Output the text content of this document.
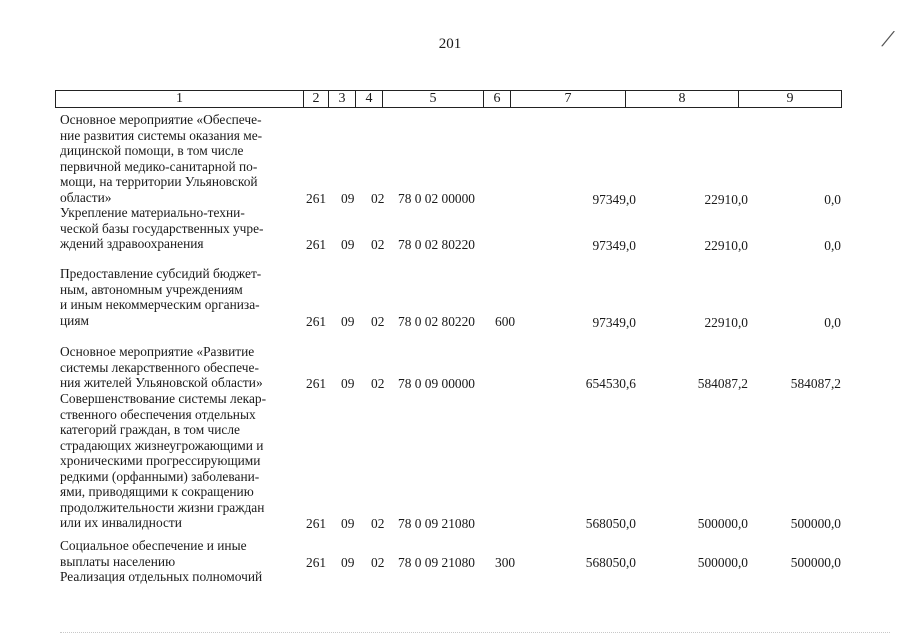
201	/
1	2	3	4	5	6	7	8	9
Основное мероприятие «Обеспече-
ние развития системы оказания ме-
дицинской помощи, в том числе
первичной медико-санитарной по-
мощи, на территории Ульяновской
области»	261 09 02 78 0 02 00000	97349,0	22910,0	0,0
Укрепление материально-техни-
ческой базы государственных учре-
ждений здравоохранения	261 09 02 78 0 02 80220	97349,0	22910,0	0,0
Предоставление субсидий бюджет-
ным, автономным учреждениям
и иным некоммерческим организа-
циям	261 09 02 78 0 02 80220 600	97349,0	22910,0	0,0
Основное мероприятие «Развитие
системы лекарственного обеспече-
ния жителей Ульяновской области»	261 09 02 78 0 09 00000	654530,6	584087,2	584087,2
Совершенствование системы лекар-
ственного обеспечения отдельных
категорий граждан, в том числе
страдающих жизнеугрожающими и
хроническими прогрессирующими
редкими (орфанными) заболевани-
ями, приводящими к сокращению
продолжительности жизни граждан
или их инвалидности	261 09 02 78 0 09 21080	568050,0	500000,0	500000,0
Социальное обеспечение и иные
выплаты населению	261 09 02 78 0 09 21080 300	568050,0	500000,0	500000,0
Реализация отдельных полномочий
